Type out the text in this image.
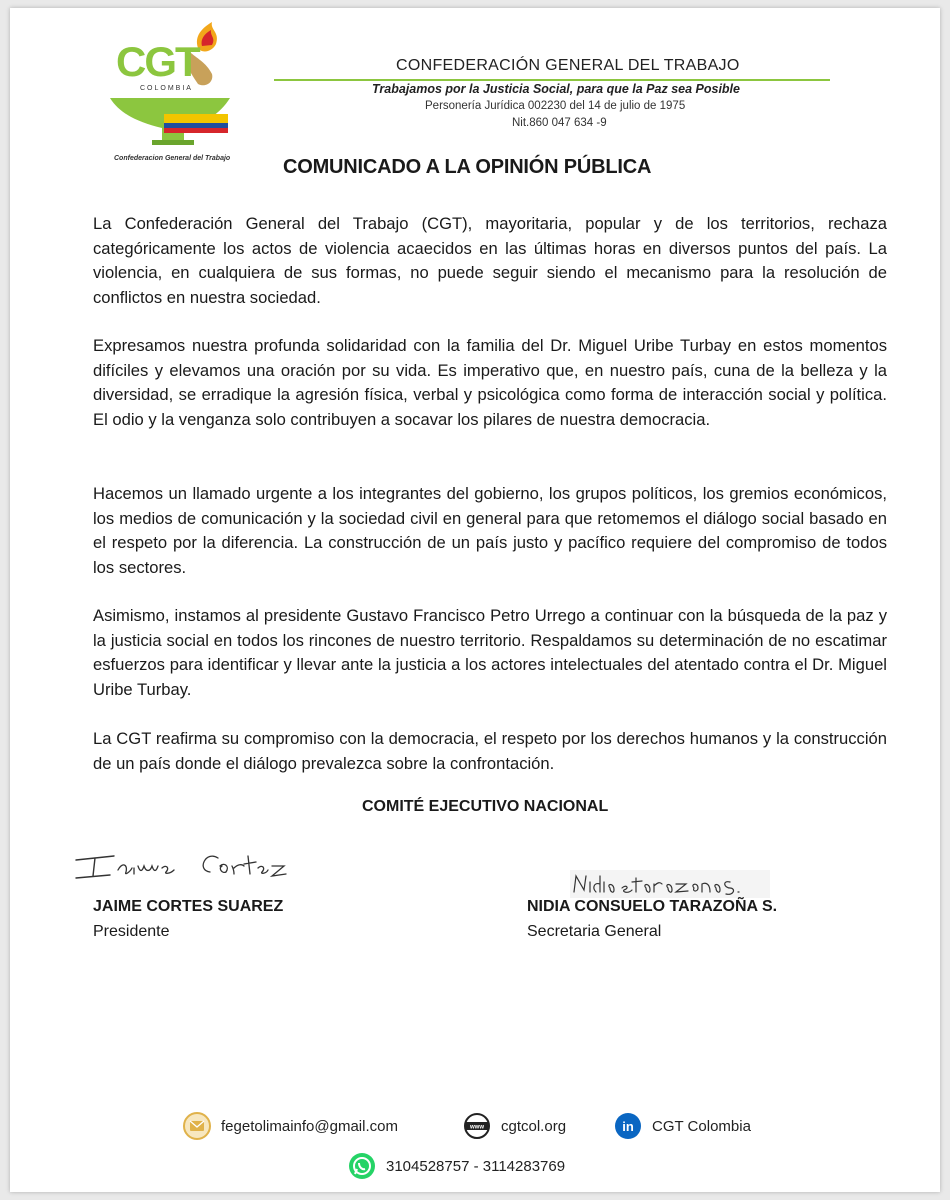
CGT
COLOMBIA
Confederacion General del Trabajo
CONFEDERACIÓN GENERAL DEL TRABAJO
Trabajamos por la Justicia Social, para que la Paz sea Posible
Personería Jurídica 002230 del 14 de julio de 1975
Nit.860 047 634 -9
COMUNICADO A LA OPINIÓN PÚBLICA

La Confederación General del Trabajo (CGT), mayoritaria, popular y de los territorios, rechaza categóricamente los actos de violencia acaecidos en las últimas horas en diversos puntos del país. La violencia, en cualquiera de sus formas, no puede seguir siendo el mecanismo para la resolución de conflictos en nuestra sociedad.

Expresamos nuestra profunda solidaridad con la familia del Dr. Miguel Uribe Turbay en estos momentos difíciles y elevamos una oración por su vida. Es imperativo que, en nuestro país, cuna de la belleza y la diversidad, se erradique la agresión física, verbal y psicológica como forma de interacción social y política. El odio y la venganza solo contribuyen a socavar los pilares de nuestra democracia.

Hacemos un llamado urgente a los integrantes del gobierno, los grupos políticos, los gremios económicos, los medios de comunicación y la sociedad civil en general para que retomemos el diálogo social basado en el respeto por la diferencia. La construcción de un país justo y pacífico requiere del compromiso de todos los sectores.

Asimismo, instamos al presidente Gustavo Francisco Petro Urrego a continuar con la búsqueda de la paz y la justicia social en todos los rincones de nuestro territorio. Respaldamos su determinación de no escatimar esfuerzos para identificar y llevar ante la justicia a los actores intelectuales del atentado contra el Dr. Miguel Uribe Turbay.

La CGT reafirma su compromiso con la democracia, el respeto por los derechos humanos y la construcción de un país donde el diálogo prevalezca sobre la confrontación.

COMITÉ EJECUTIVO NACIONAL
JAIME CORTES SUAREZ
Presidente
NIDIA CONSUELO TARAZOÑA S.
Secretaria General
fegetolimainfo@gmail.com	www cgtcol.org	in CGT Colombia
3104528757 - 3114283769
